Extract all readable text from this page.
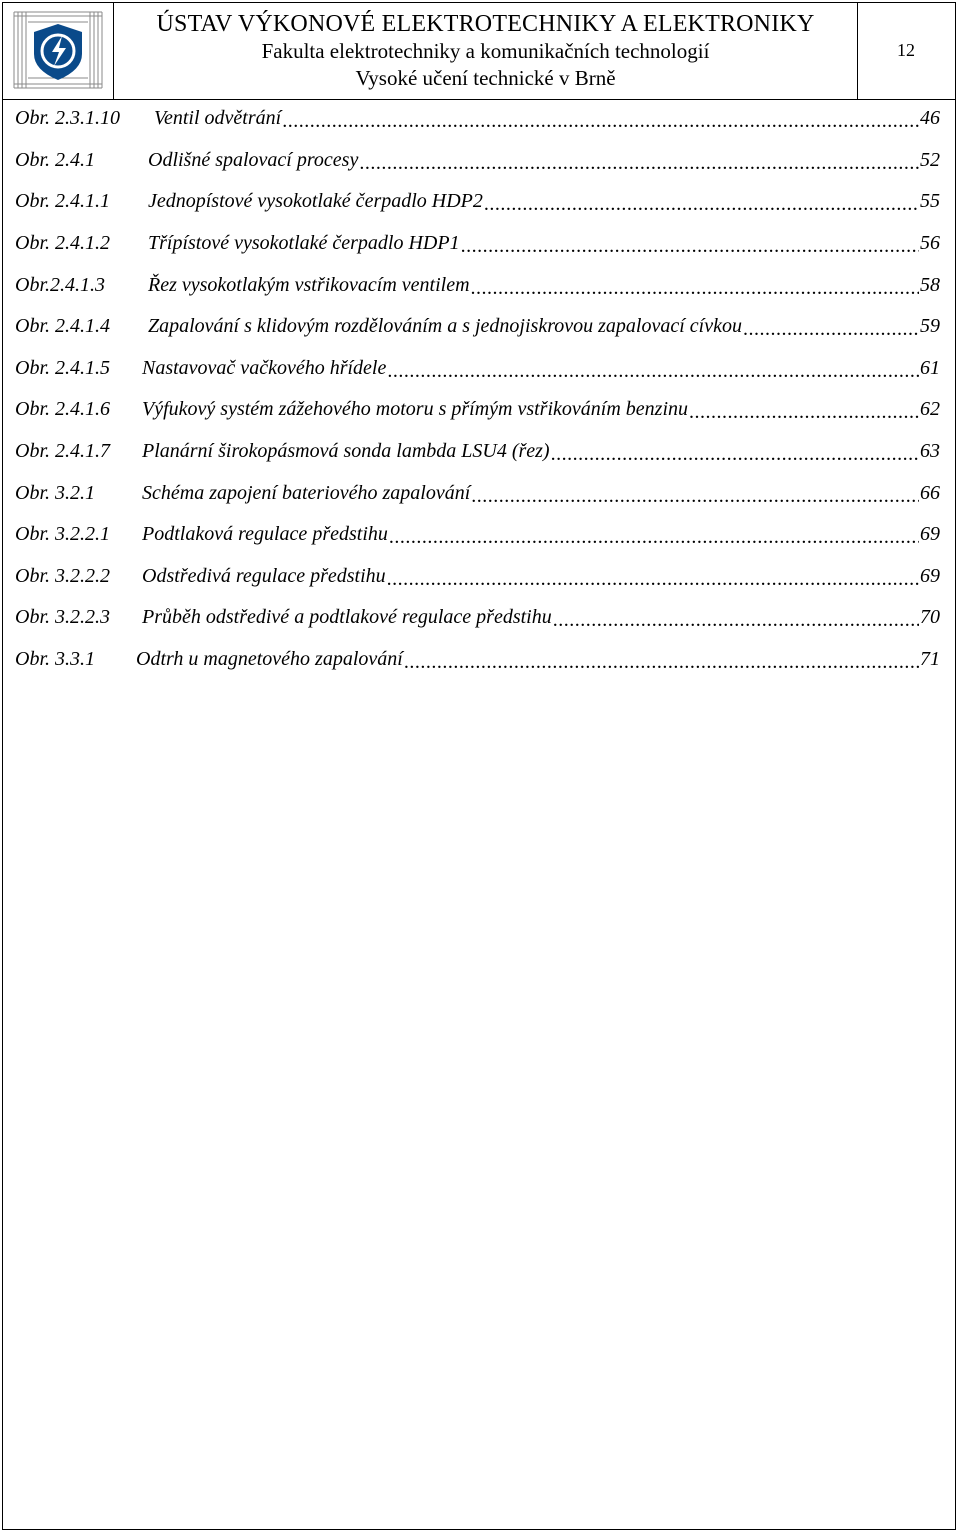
ÚSTAV VÝKONOVÉ ELEKTROTECHNIKY A ELEKTRONIKY
Fakulta elektrotechniky a komunikačních technologií
Vysoké učení technické v Brně
12
Obr. 2.3.1.10	Ventil odvětrání .....	46
Obr. 2.4.1	Odlišné spalovací procesy .....	52
Obr. 2.4.1.1	Jednopístové vysokotlaké čerpadlo HDP2 .....	55
Obr. 2.4.1.2	Třípístové vysokotlaké čerpadlo HDP1 .....	56
Obr.2.4.1.3	Řez vysokotlakým vstřikovacím ventilem .....	58
Obr. 2.4.1.4	Zapalování s klidovým rozdělováním a s jednojiskrovou zapalovací cívkou .....	59
Obr. 2.4.1.5	Nastavovač vačkového hřídele .....	61
Obr. 2.4.1.6	Výfukový systém zážehového motoru s přímým vstřikováním benzinu .....	62
Obr. 2.4.1.7	Planární širokopásmová sonda lambda LSU4 (řez) .....	63
Obr. 3.2.1	Schéma zapojení bateriového zapalování .....	66
Obr. 3.2.2.1	Podtlaková regulace předstihu .....	69
Obr. 3.2.2.2	Odstředivá regulace předstihu .....	69
Obr. 3.2.2.3	Průběh odstředivé a podtlakové regulace předstihu .....	70
Obr. 3.3.1	Odtrh u magnetového zapalování .....	71
